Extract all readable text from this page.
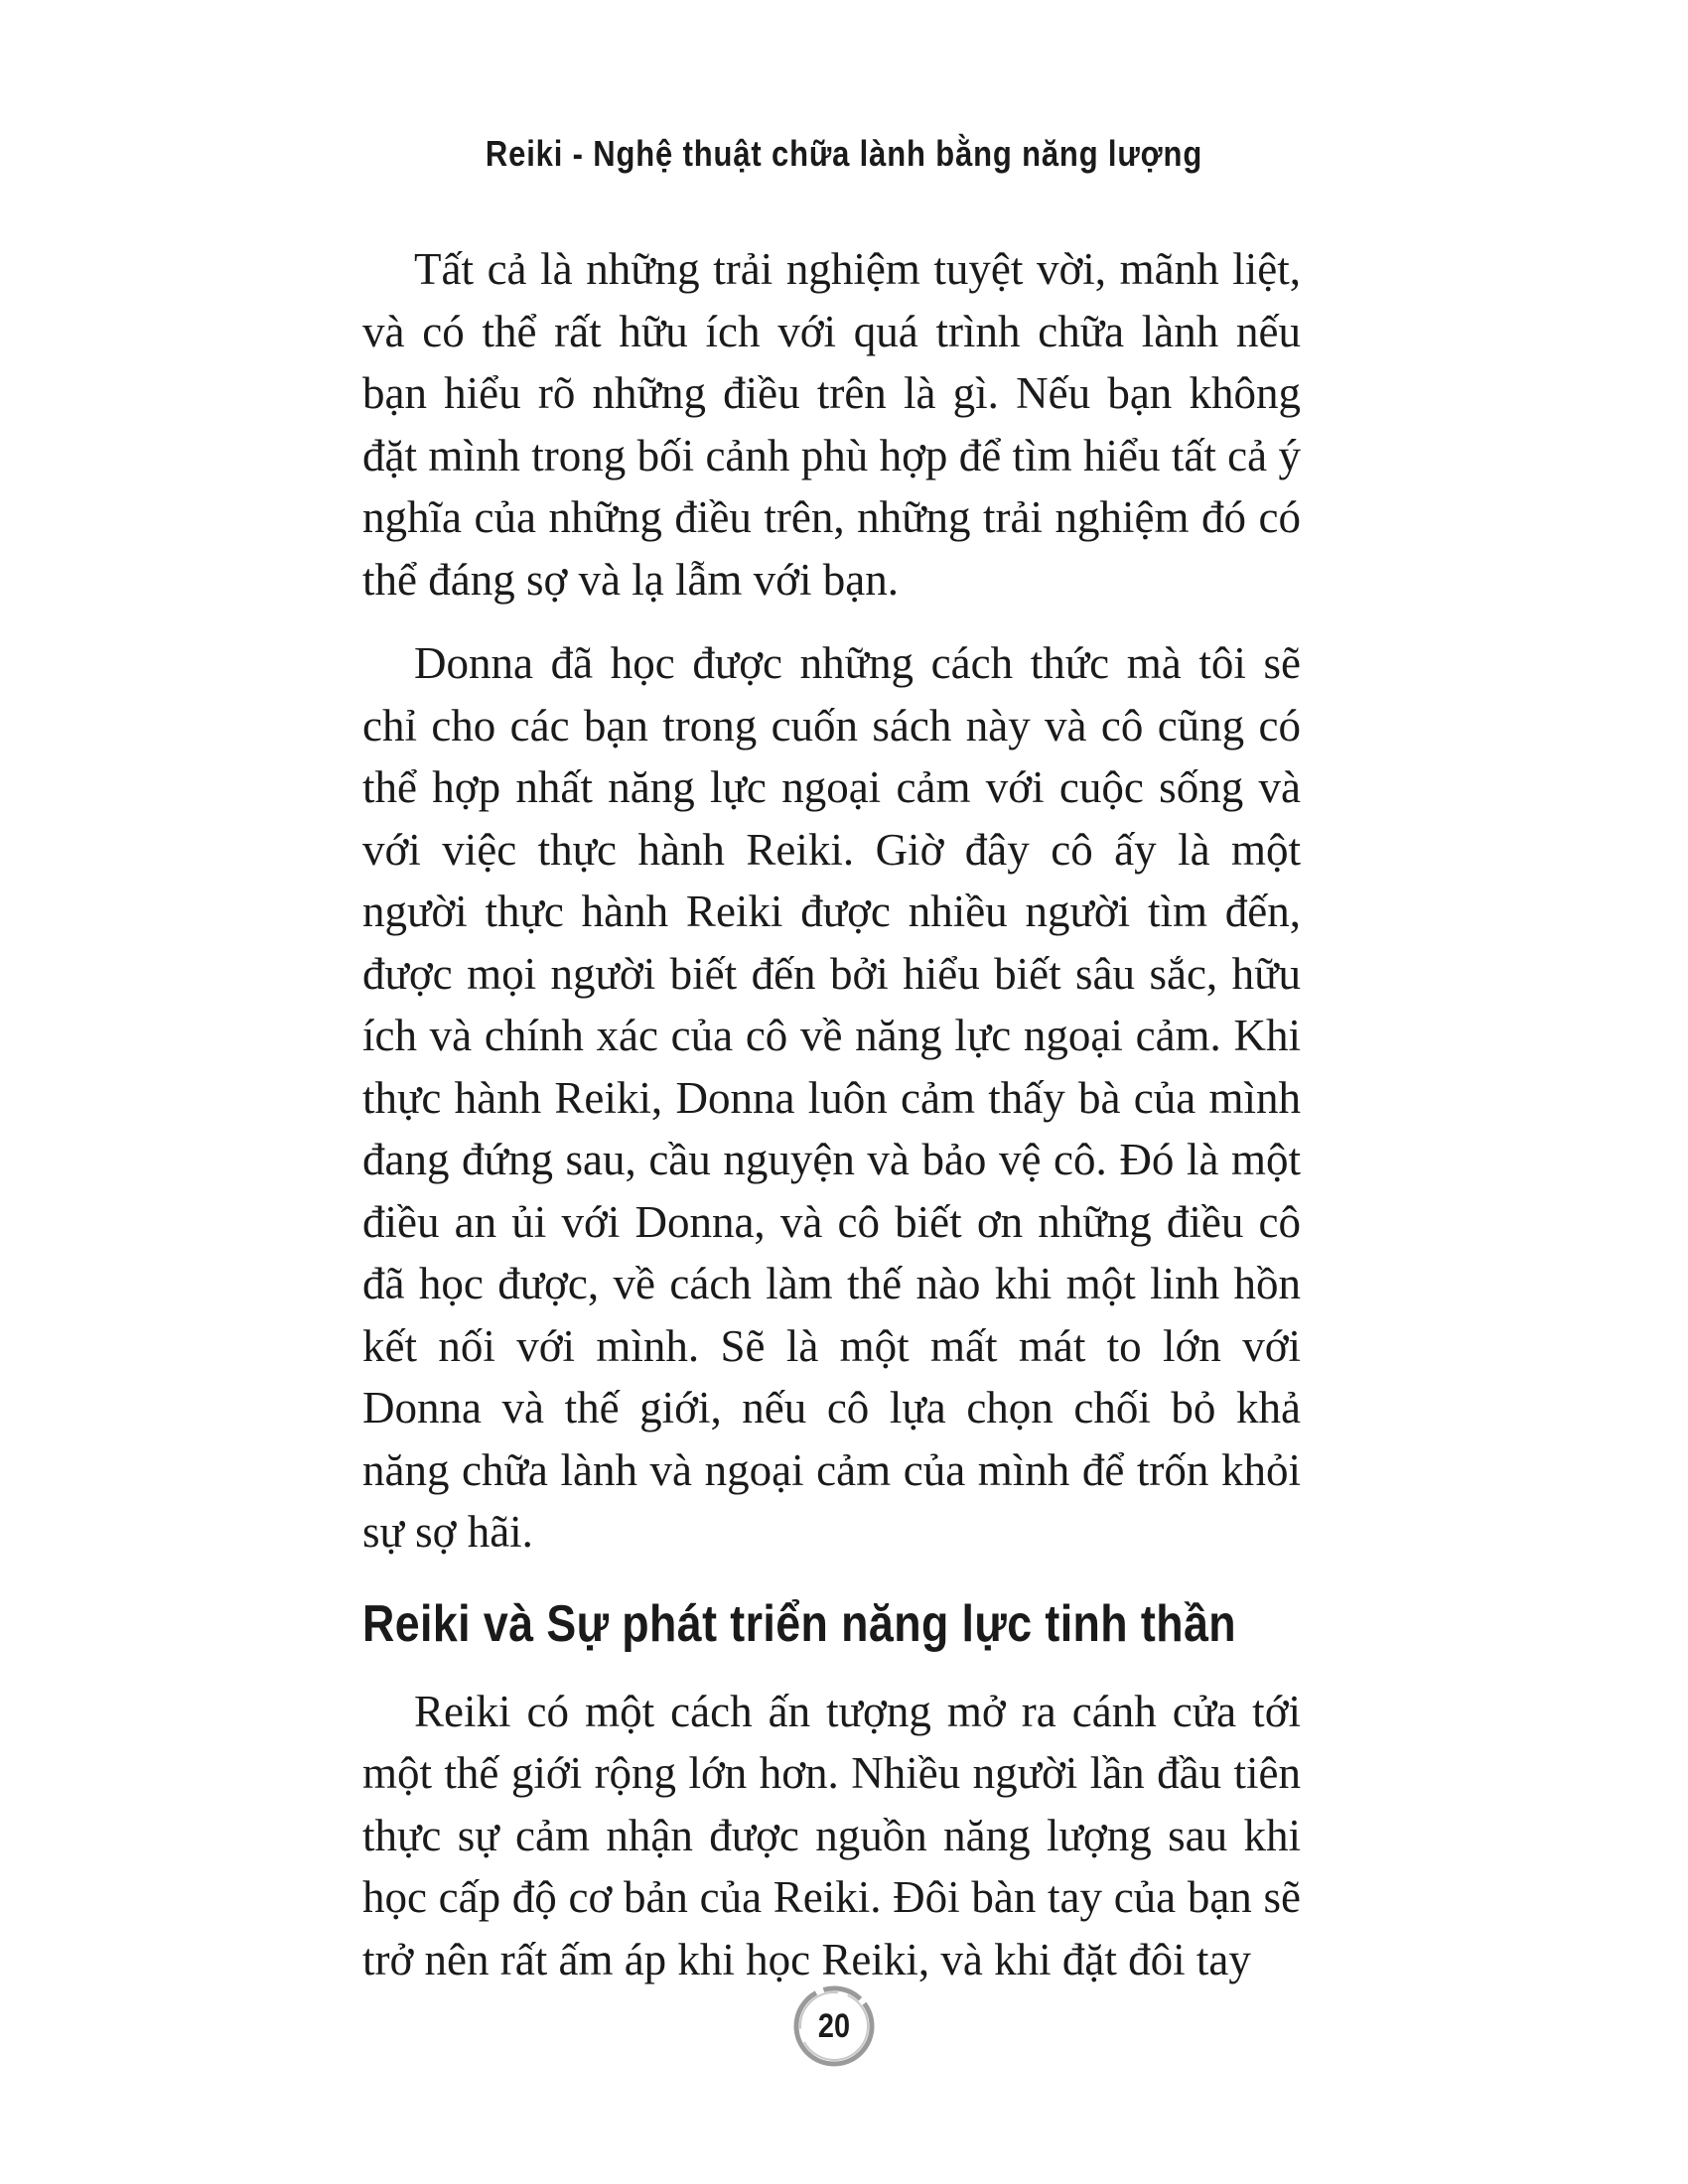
Reiki - Nghệ thuật chữa lành bằng năng lượng

Tất cả là những trải nghiệm tuyệt vời, mãnh liệt, và có thể rất hữu ích với quá trình chữa lành nếu bạn hiểu rõ những điều trên là gì. Nếu bạn không đặt mình trong bối cảnh phù hợp để tìm hiểu tất cả ý nghĩa của những điều trên, những trải nghiệm đó có thể đáng sợ và lạ lẫm với bạn.

Donna đã học được những cách thức mà tôi sẽ chỉ cho các bạn trong cuốn sách này và cô cũng có thể hợp nhất năng lực ngoại cảm với cuộc sống và với việc thực hành Reiki. Giờ đây cô ấy là một người thực hành Reiki được nhiều người tìm đến, được mọi người biết đến bởi hiểu biết sâu sắc, hữu ích và chính xác của cô về năng lực ngoại cảm. Khi thực hành Reiki, Donna luôn cảm thấy bà của mình đang đứng sau, cầu nguyện và bảo vệ cô. Đó là một điều an ủi với Donna, và cô biết ơn những điều cô đã học được, về cách làm thế nào khi một linh hồn kết nối với mình. Sẽ là một mất mát to lớn với Donna và thế giới, nếu cô lựa chọn chối bỏ khả năng chữa lành và ngoại cảm của mình để trốn khỏi sự sợ hãi.

Reiki và Sự phát triển năng lực tinh thần

Reiki có một cách ấn tượng mở ra cánh cửa tới một thế giới rộng lớn hơn. Nhiều người lần đầu tiên thực sự cảm nhận được nguồn năng lượng sau khi học cấp độ cơ bản của Reiki. Đôi bàn tay của bạn sẽ trở nên rất ấm áp khi học Reiki, và khi đặt đôi tay

20
